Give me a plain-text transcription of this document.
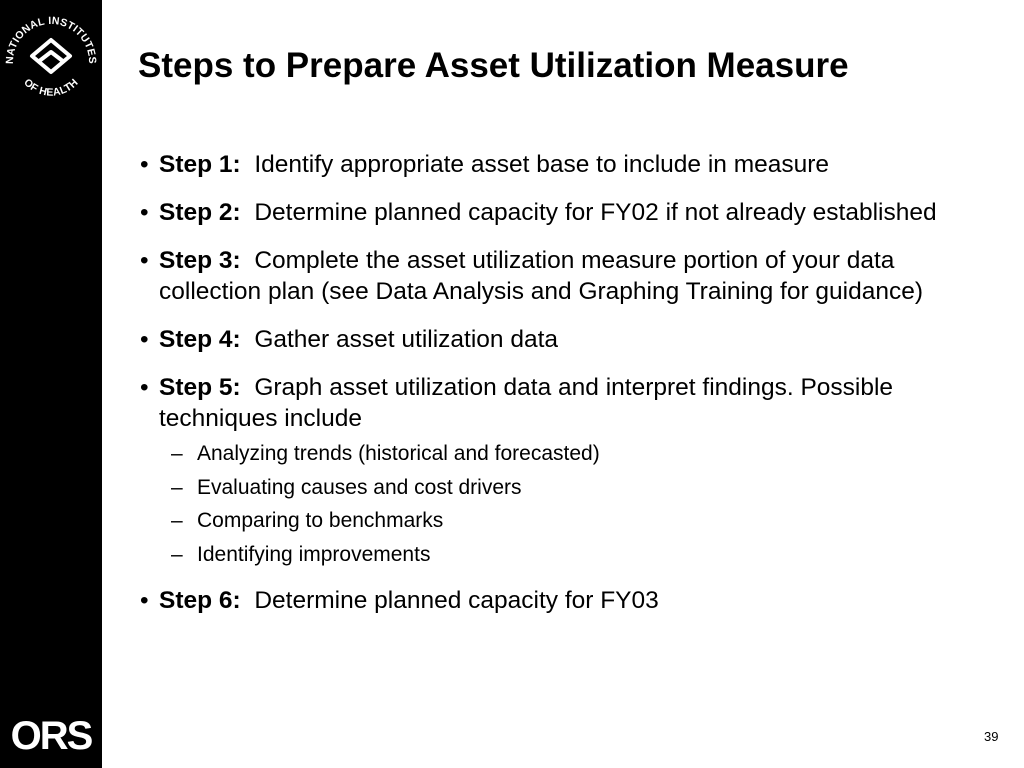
NATIONAL INSTITUTES
OF HEALTH
ORS
Steps to Prepare Asset Utilization Measure
• Step 1: Identify appropriate asset base to include in measure
• Step 2: Determine planned capacity for FY02 if not already established
• Step 3: Complete the asset utilization measure portion of your data collection plan (see Data Analysis and Graphing Training for guidance)
• Step 4: Gather asset utilization data
• Step 5: Graph asset utilization data and interpret findings. Possible techniques include
– Analyzing trends (historical and forecasted)
– Evaluating causes and cost drivers
– Comparing to benchmarks
– Identifying improvements
• Step 6: Determine planned capacity for FY03
39
